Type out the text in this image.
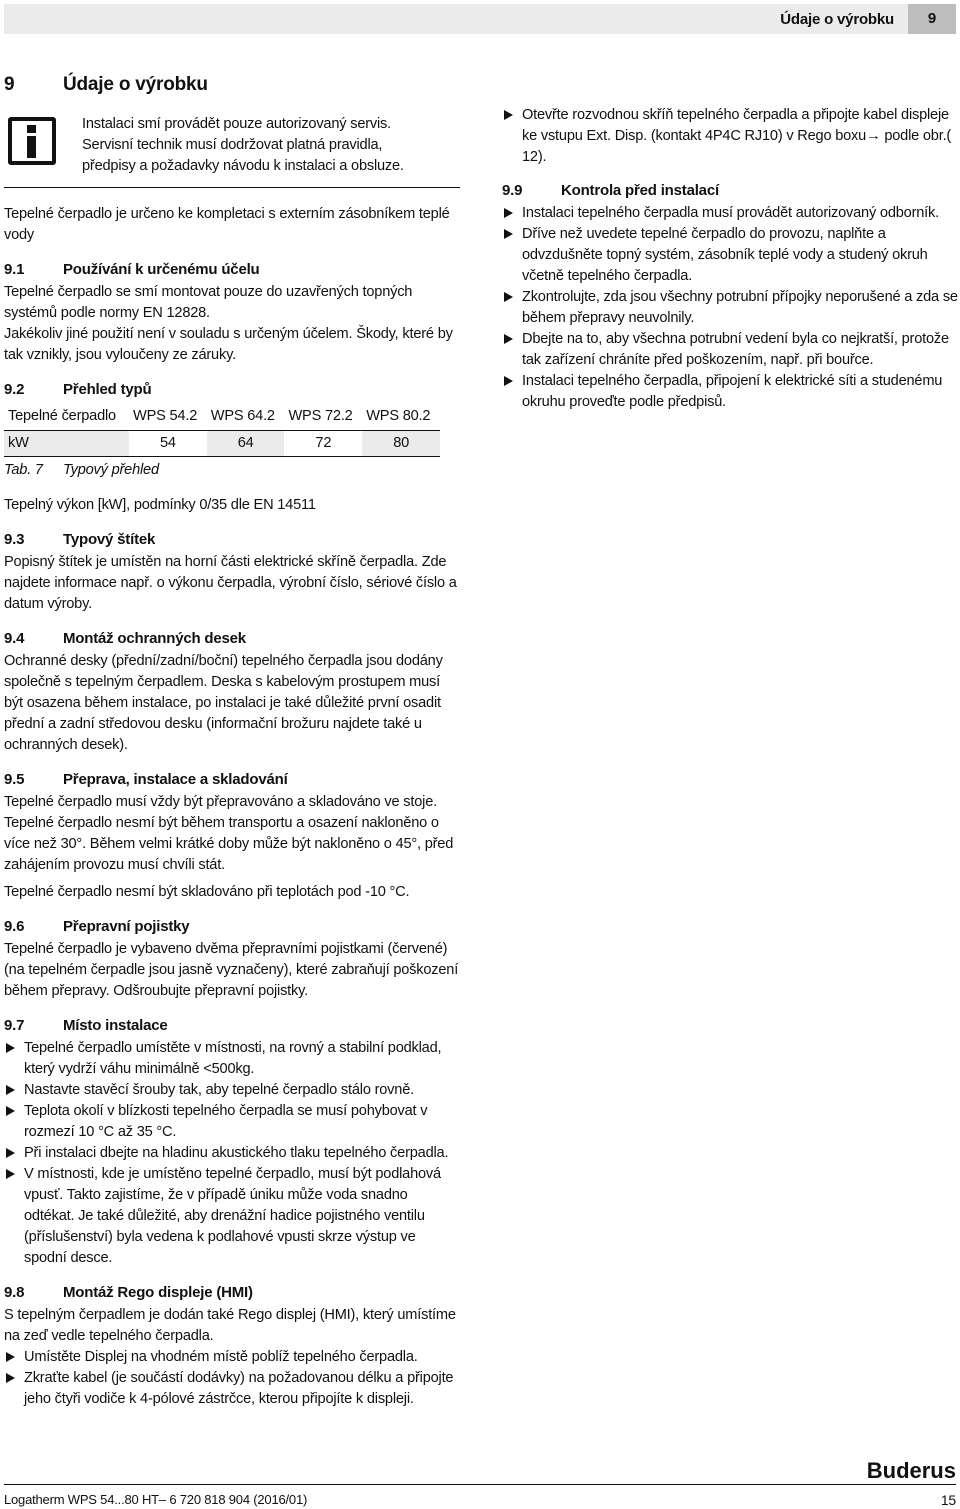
Údaje o výrobku	9
9	Údaje o výrobku

Instalaci smí provádět pouze autorizovaný servis.

Servisní technik musí dodržovat platná pravidla,

předpisy a požadavky návodu k instalaci a obsluze.

Tepelné čerpadlo je určeno ke kompletaci s externím zásobníkem teplé vody

9.1	Používání k určenému účelu

Tepelné čerpadlo se smí montovat pouze do uzavřených topných systémů podle normy EN 12828.

Jakékoliv jiné použití není v souladu s určeným účelem. Škody, které by tak vznikly, jsou vyloučeny ze záruky.

9.2	Přehled typů
Tepelné čerpadlo	WPS 54.2	WPS 64.2	WPS 72.2	WPS 80.2
kW	54	64	72	80
Tab. 7	Typový přehled

Tepelný výkon [kW], podmínky 0/35 dle EN 14511

9.3	Typový štítek

Popisný štítek je umístěn na horní části elektrické skříně čerpadla. Zde najdete informace např. o výkonu čerpadla, výrobní číslo, sériové číslo a datum výroby.

9.4	Montáž ochranných desek

Ochranné desky (přední/zadní/boční) tepelného čerpadla jsou dodány společně s tepelným čerpadlem. Deska s kabelovým prostupem musí být osazena během instalace, po instalaci je také důležité první osadit přední a zadní středovou desku (informační brožuru najdete také u ochranných desek).

9.5	Přeprava, instalace a skladování

Tepelné čerpadlo musí vždy být přepravováno a skladováno ve stoje. Tepelné čerpadlo nesmí být během transportu a osazení nakloněno o více než 30°. Během velmi krátké doby může být nakloněno o 45°, před zahájením provozu musí chvíli stát.

Tepelné čerpadlo nesmí být skladováno při teplotách pod -10 °C.

9.6	Přepravní pojistky

Tepelné čerpadlo je vybaveno dvěma přepravními pojistkami (červené) (na tepelném čerpadle jsou jasně vyznačeny), které zabraňují poškození během přepravy. Odšroubujte přepravní pojistky.

9.7	Místo instalace
Tepelné čerpadlo umístěte v místnosti, na rovný a stabilní podklad, který vydrží váhu minimálně <500kg.
Nastavte stavěcí šrouby tak, aby tepelné čerpadlo stálo rovně.
Teplota okolí v blízkosti tepelného čerpadla se musí pohybovat v rozmezí 10 °C až 35 °C.
Při instalaci dbejte na hladinu akustického tlaku tepelného čerpadla.
V místnosti, kde je umístěno tepelné čerpadlo, musí být podlahová vpusť. Takto zajistíme, že v případě úniku může voda snadno odtékat. Je také důležité, aby drenážní hadice pojistného ventilu (příslušenství) byla vedena k podlahové vpusti skrze výstup ve spodní desce.
9.8	Montáž Rego displeje (HMI)

S tepelným čerpadlem je dodán také Rego displej (HMI), který umístíme na zeď vedle tepelného čerpadla.

Umístěte Displej na vhodném místě poblíž tepelného čerpadla.
Zkraťte kabel (je součástí dodávky) na požadovanou délku a připojte jeho čtyři vodiče k 4-pólové zástrčce, kterou připojíte k displeji.
Otevřte rozvodnou skříň tepelného čerpadla a připojte kabel displeje ke vstupu Ext. Disp. (kontakt 4P4C RJ10) v Rego boxu→ podle obr.( 12).
9.9	Kontrola před instalací
Instalaci tepelného čerpadla musí provádět autorizovaný odborník.
Dříve než uvedete tepelné čerpadlo do provozu, naplňte a odvzdušněte topný systém, zásobník teplé vody a studený okruh včetně tepelného čerpadla.
Zkontrolujte, zda jsou všechny potrubní přípojky neporušené a zda se během přepravy neuvolnily.
Dbejte na to, aby všechna potrubní vedení byla co nejkratší, protože tak zařízení chráníte před poškozením, např. při bouřce.
Instalaci tepelného čerpadla, připojení k elektrické síti a studenému okruhu proveďte podle předpisů.
Logatherm WPS 54...80 HT– 6 720 818 904 (2016/01)
Buderus
15
